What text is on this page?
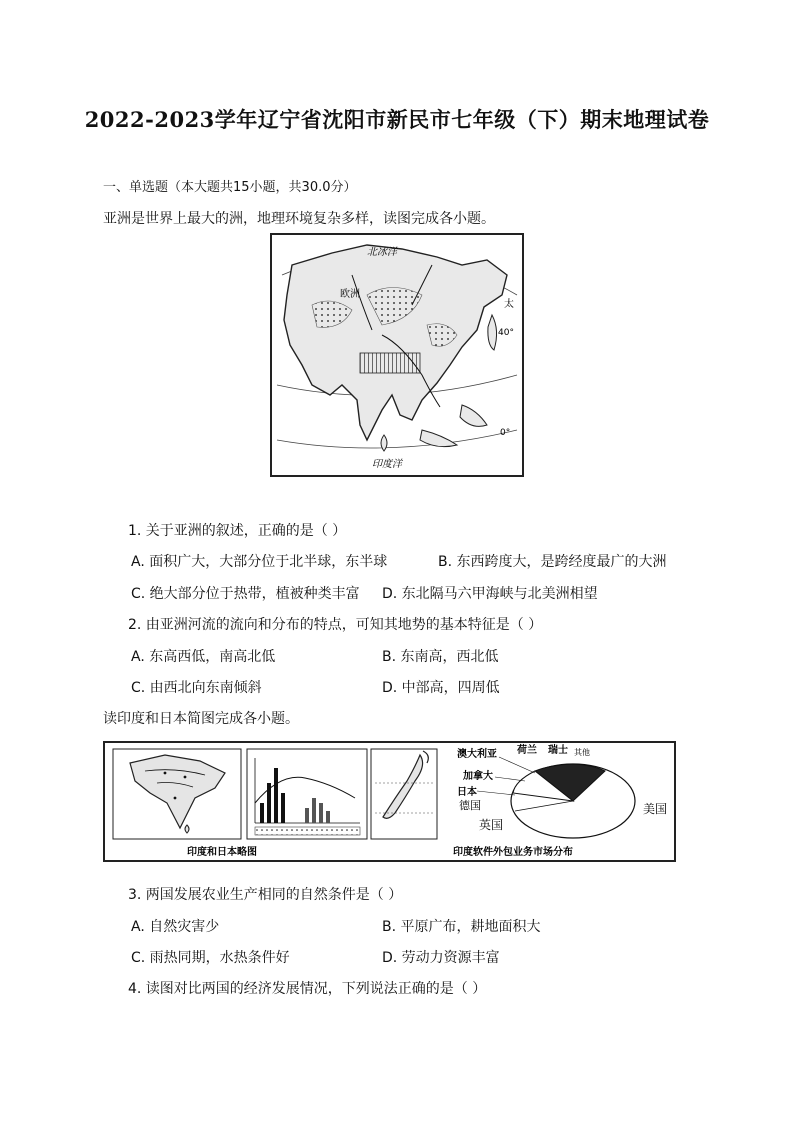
2022-2023学年辽宁省沈阳市新民市七年级（下）期末地理试卷
一、单选题（本大题共15小题，共30.0分）
亚洲是世界上最大的洲，地理环境复杂多样，读图完成各小题。
北冰洋
欧洲
太
40°
0°
印度洋
1. 关于亚洲的叙述，正确的是（ ）
A. 面积广大，大部分位于北半球，东半球	B. 东西跨度大，是跨经度最广的大洲
C. 绝大部分位于热带，植被种类丰富 D. 东北隔马六甲海峡与北美洲相望
2. 由亚洲河流的流向和分布的特点，可知其地势的基本特征是（ ）
A. 东高西低，南高北低	B. 东南高，西北低
C. 由西北向东南倾斜	D. 中部高，四周低
读印度和日本简图完成各小题。
澳大利亚 荷兰 瑞士 其他
加拿大
日本
德国
英国
美国
印度和日本略图	印度软件外包业务市场分布
3. 两国发展农业生产相同的自然条件是（ ）
A. 自然灾害少	B. 平原广布，耕地面积大
C. 雨热同期，水热条件好	D. 劳动力资源丰富
4. 读图对比两国的经济发展情况，下列说法正确的是（ ）
